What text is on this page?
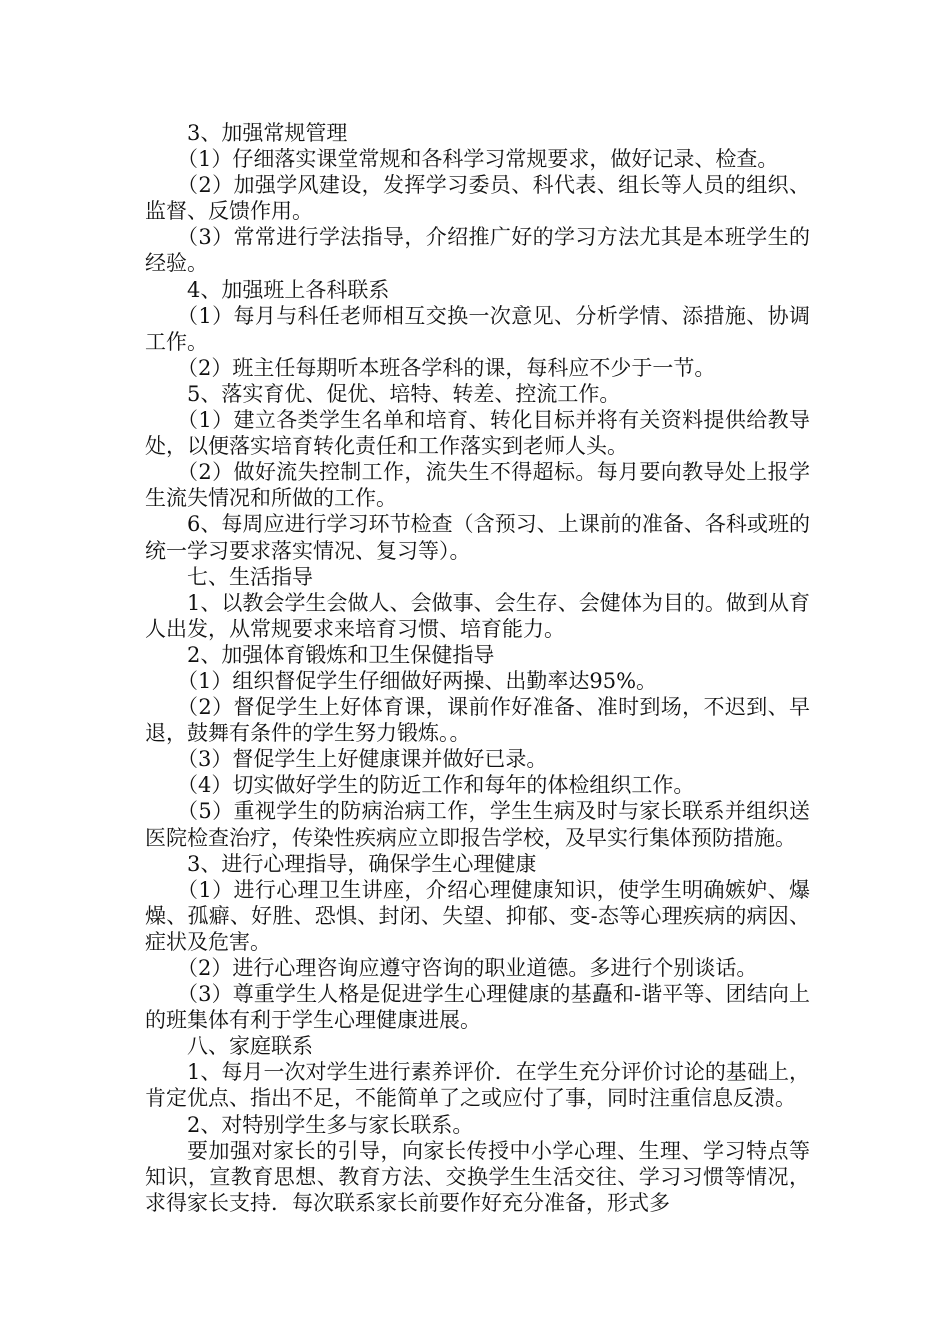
3、加强常规管理

（1）仔细落实课堂常规和各科学习常规要求，做好记录、检查。

（2）加强学风建设，发挥学习委员、科代表、组长等人员的组织、监督、反馈作用。

（3）常常进行学法指导，介绍推广好的学习方法尤其是本班学生的经验。

4、加强班上各科联系

（1）每月与科任老师相互交换一次意见、分析学情、添措施、协调工作。

（2）班主任每期听本班各学科的课，每科应不少于一节。

5、落实育优、促优、培特、转差、控流工作。

（1）建立各类学生名单和培育、转化目标并将有关资料提供给教导处，以便落实培育转化责任和工作落实到老师人头。

（2）做好流失控制工作，流失生不得超标。每月要向教导处上报学生流失情况和所做的工作。

6、每周应进行学习环节检查（含预习、上课前的准备、各科或班的统一学习要求落实情况、复习等）。

七、生活指导

1、以教会学生会做人、会做事、会生存、会健体为目的。做到从育人出发，从常规要求来培育习惯、培育能力。

2、加强体育锻炼和卫生保健指导

（1）组织督促学生仔细做好两操、出勤率达95%。

（2）督促学生上好体育课，课前作好准备、准时到场，不迟到、早退，鼓舞有条件的学生努力锻炼。。

（3）督促学生上好健康课并做好已录。

（4）切实做好学生的防近工作和每年的体检组织工作。

（5）重视学生的防病治病工作，学生生病及时与家长联系并组织送医院检查治疗，传染性疾病应立即报告学校，及早实行集体预防措施。

3、进行心理指导，确保学生心理健康

（1）进行心理卫生讲座，介绍心理健康知识，使学生明确嫉妒、爆燥、孤癖、好胜、恐惧、封闭、失望、抑郁、变-态等心理疾病的病因、症状及危害。

（2）进行心理咨询应遵守咨询的职业道德。多进行个别谈话。

（3）尊重学生人格是促进学生心理健康的基矗和-谐平等、团结向上的班集体有利于学生心理健康进展。

八、家庭联系

1、每月一次对学生进行素养评价．在学生充分评价讨论的基础上，肯定优点、指出不足，不能简单了之或应付了事，同时注重信息反溃。

2、对特别学生多与家长联系。

要加强对家长的引导，向家长传授中小学心理、生理、学习特点等知识，宣教育思想、教育方法、交换学生生活交往、学习习惯等情况，求得家长支持．每次联系家长前要作好充分准备，形式多
